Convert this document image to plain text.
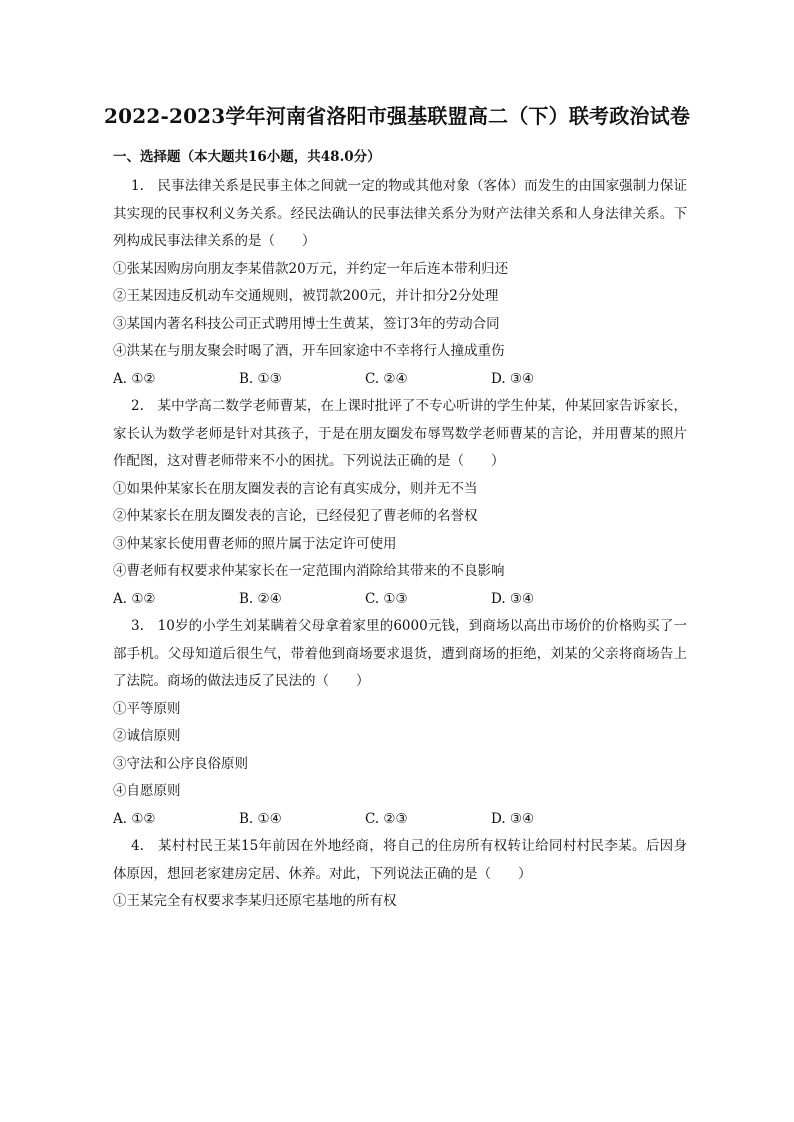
2022-2023学年河南省洛阳市强基联盟高二（下）联考政治试卷
一、选择题（本大题共16小题，共48.0分）

1.　民事法律关系是民事主体之间就一定的物或其他对象（客体）而发生的由国家强制力保证其实现的民事权利义务关系。经民法确认的民事法律关系分为财产法律关系和人身法律关系。下列构成民事法律关系的是（　　）

①张某因购房向朋友李某借款20万元，并约定一年后连本带利归还

②王某因违反机动车交通规则，被罚款200元，并计扣分2分处理

③某国内著名科技公司正式聘用博士生黄某，签订3年的劳动合同

④洪某在与朋友聚会时喝了酒，开车回家途中不幸将行人撞成重伤

A. ①②	B. ①③	C. ②④	D. ③④

2.　某中学高二数学老师曹某，在上课时批评了不专心听讲的学生仲某，仲某回家告诉家长，家长认为数学老师是针对其孩子，于是在朋友圈发布辱骂数学老师曹某的言论，并用曹某的照片作配图，这对曹老师带来不小的困扰。下列说法正确的是（　　）

①如果仲某家长在朋友圈发表的言论有真实成分，则并无不当

②仲某家长在朋友圈发表的言论，已经侵犯了曹老师的名誉权

③仲某家长使用曹老师的照片属于法定许可使用

④曹老师有权要求仲某家长在一定范围内消除给其带来的不良影响

A. ①②	B. ②④	C. ①③	D. ③④

3.　10岁的小学生刘某瞒着父母拿着家里的6000元钱，到商场以高出市场价的价格购买了一部手机。父母知道后很生气，带着他到商场要求退货，遭到商场的拒绝，刘某的父亲将商场告上了法院。商场的做法违反了民法的（　　）

①平等原则

②诚信原则

③守法和公序良俗原则

④自愿原则

A. ①②	B. ①④	C. ②③	D. ③④

4.　某村村民王某15年前因在外地经商，将自己的住房所有权转让给同村村民李某。后因身体原因，想回老家建房定居、休养。对此，下列说法正确的是（　　）

①王某完全有权要求李某归还原宅基地的所有权
